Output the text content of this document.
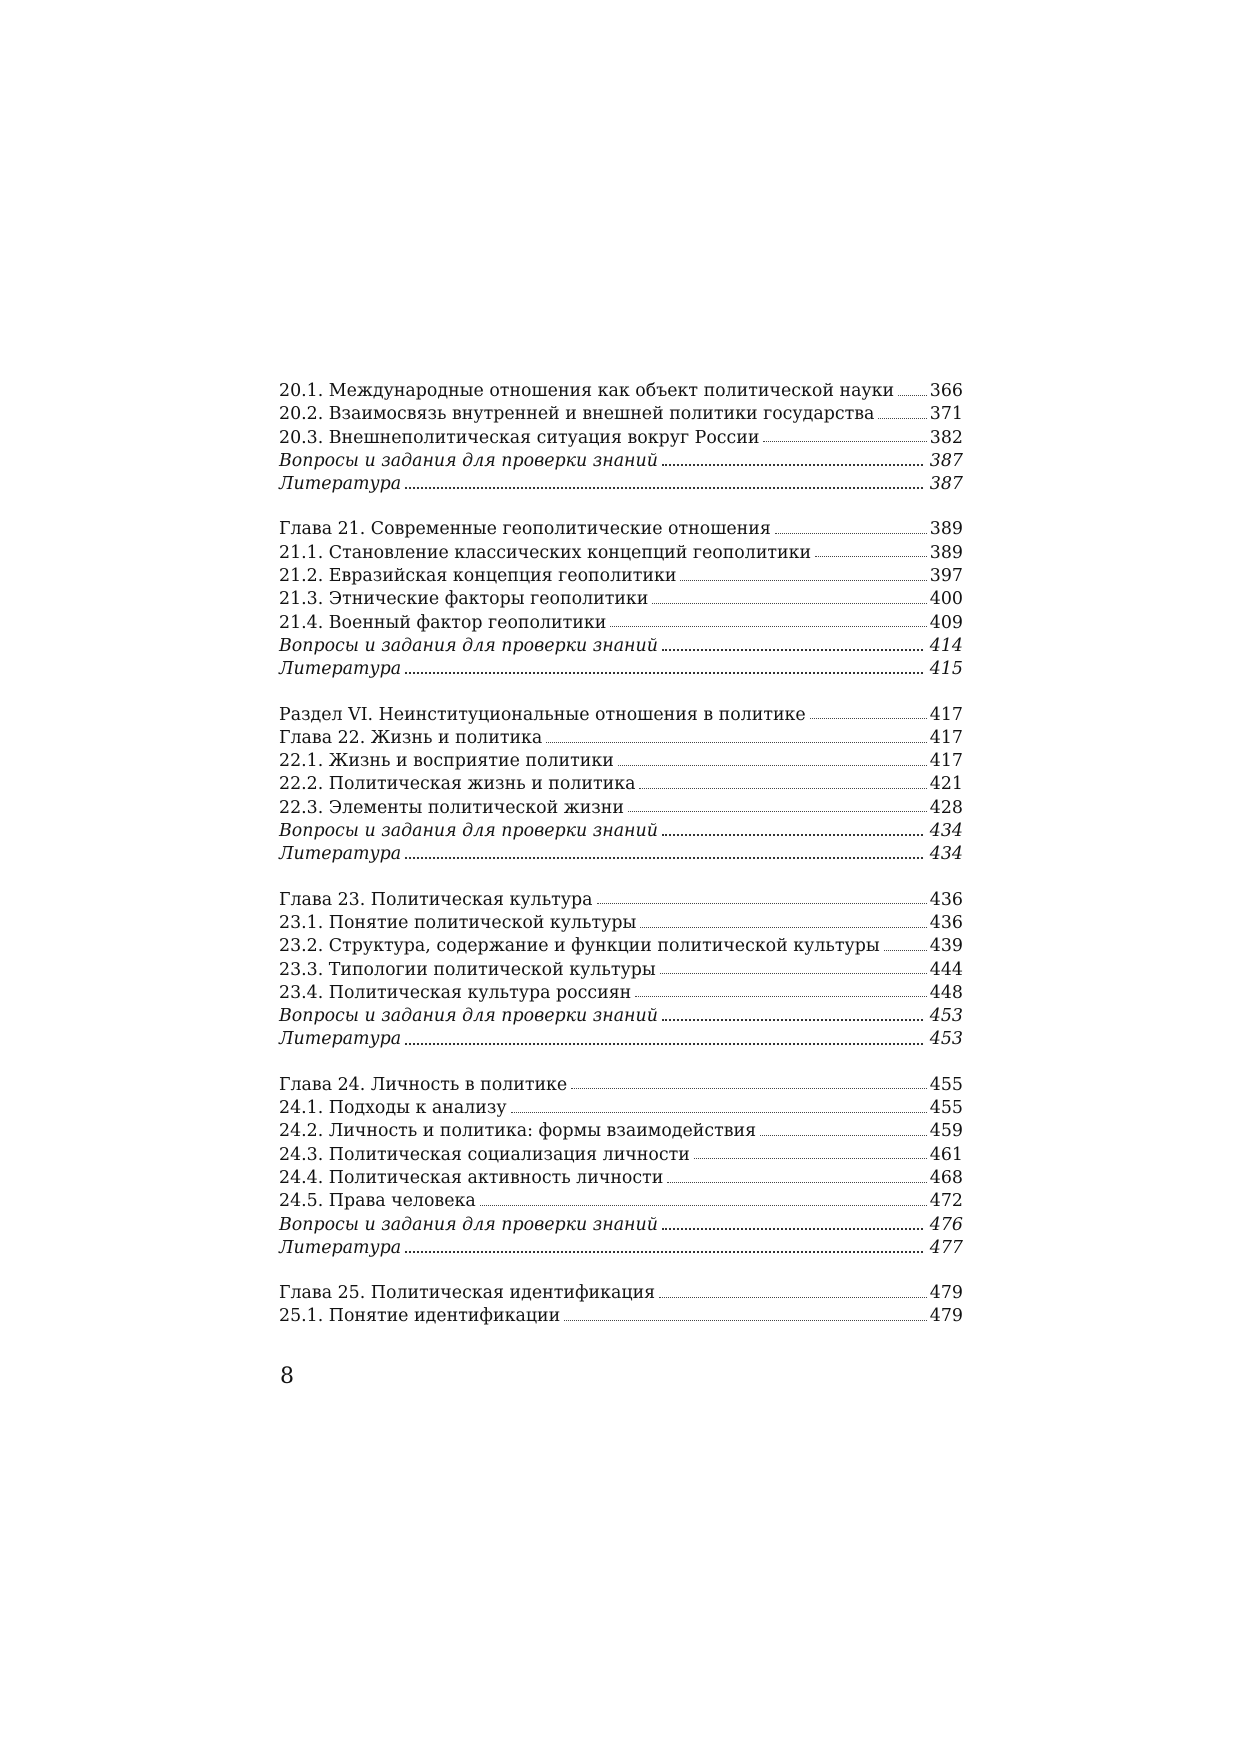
20.1. Международные отношения как объект политической науки 366
20.2. Взаимосвязь внутренней и внешней политики государства	371
20.3. Внешнеполитическая ситуация вокруг России	382
Вопросы и задания для проверки знаний	387
Литература	387
Глава 21. Современные геополитические отношения	389
21.1. Становление классических концепций геополитики	389
21.2. Евразийская концепция геополитики	397
21.3. Этнические факторы геополитики	400
21.4. Военный фактор геополитики	409
Вопросы и задания для проверки знаний	414
Литература	415
Раздел VI. Неинституциональные отношения в политике	417
Глава 22. Жизнь и политика	417
22.1. Жизнь и восприятие политики	417
22.2. Политическая жизнь и политика	421
22.3. Элементы политической жизни	428
Вопросы и задания для проверки знаний	434
Литература	434
Глава 23. Политическая культура	436
23.1. Понятие политической культуры	436
23.2. Структура, содержание и функции политической культуры	439
23.3. Типологии политической культуры	444
23.4. Политическая культура россиян	448
Вопросы и задания для проверки знаний	453
Литература	453
Глава 24. Личность в политике	455
24.1. Подходы к анализу	455
24.2. Личность и политика: формы взаимодействия	459
24.3. Политическая социализация личности	461
24.4. Политическая активность личности	468
24.5. Права человека	472
Вопросы и задания для проверки знаний	476
Литература	477
Глава 25. Политическая идентификация	479
25.1. Понятие идентификации	479
8
